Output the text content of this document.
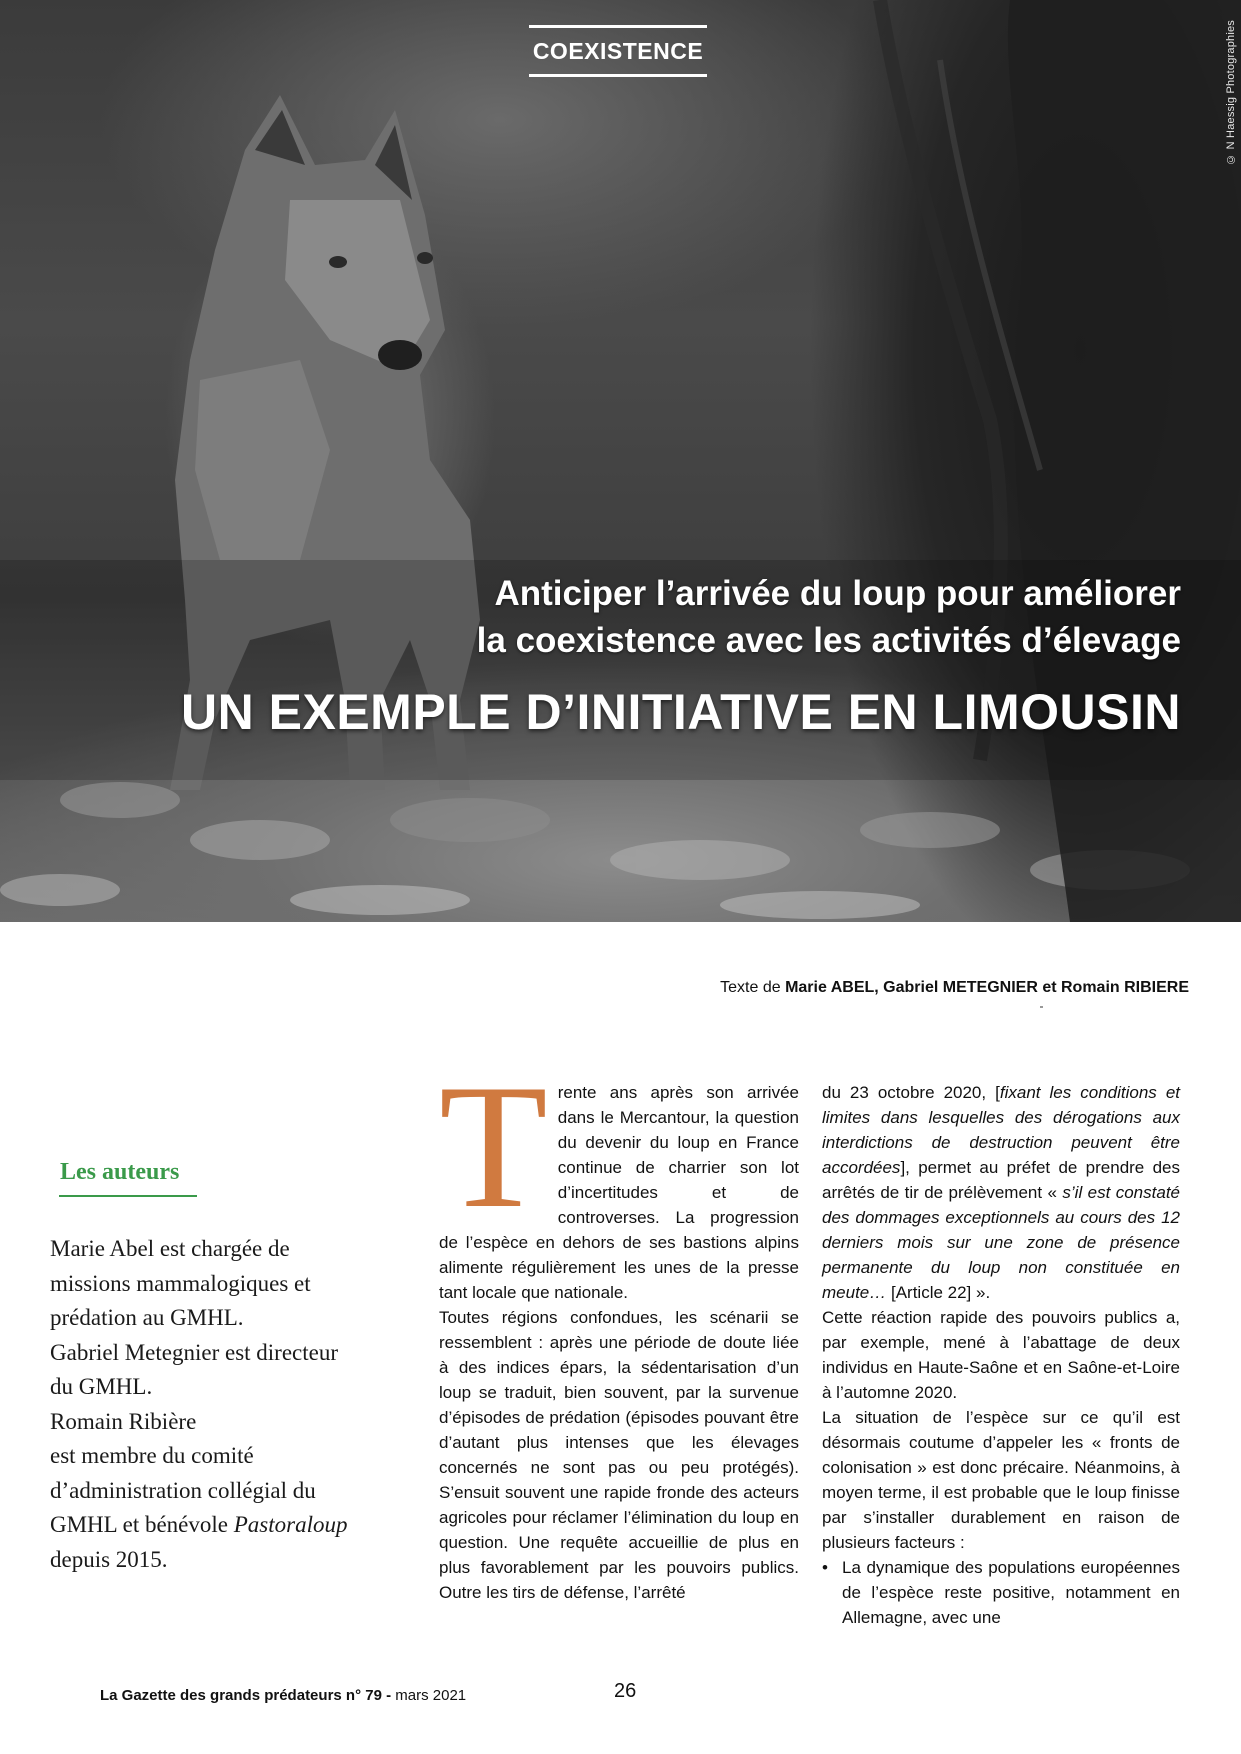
COEXISTENCE	© N Haessig Photographies
Anticiper l’arrivée du loup pour améliorer
la coexistence avec les activités d’élevage
UN EXEMPLE D’INITIATIVE EN LIMOUSIN
Texte de Marie ABEL, Gabriel METEGNIER et Romain RIBIERE
Les auteurs
Marie Abel est chargée de
missions mammalogiques et
prédation au GMHL.
Gabriel Metegnier est directeur
du GMHL.
Romain Ribière
est membre du comité
d’administration collégial du
GMHL et bénévole Pastoraloup
depuis 2015.
T rente ans après son arrivée dans le Mercantour, la question du devenir du loup en France continue de charrier son lot d’incertitudes et de controverses. La progression de l’espèce en dehors de ses bastions alpins alimente régulièrement les unes de la presse tant locale que nationale.

Toutes régions confondues, les scénarii se ressemblent : après une période de doute liée à des indices épars, la sédentarisation d’un loup se traduit, bien souvent, par la survenue d’épisodes de prédation (épisodes pouvant être d’autant plus intenses que les élevages concernés ne sont pas ou peu protégés). S’ensuit souvent une rapide fronde des acteurs agricoles pour réclamer l’élimination du loup en question. Une requête accueillie de plus en plus favorablement par les pouvoirs publics. Outre les tirs de défense, l’arrêté

du 23 octobre 2020, [fixant les conditions et limites dans lesquelles des dérogations aux interdictions de destruction peuvent être accordées], permet au préfet de prendre des arrêtés de tir de prélèvement « s’il est constaté des dommages exceptionnels au cours des 12 derniers mois sur une zone de présence permanente du loup non constituée en meute… [Article 22] ».

Cette réaction rapide des pouvoirs publics a, par exemple, mené à l’abattage de deux individus en Haute-Saône et en Saône-et-Loire à l’automne 2020.

La situation de l’espèce sur ce qu’il est désormais coutume d’appeler les « fronts de colonisation » est donc précaire. Néanmoins, à moyen terme, il est probable que le loup finisse par s’installer durablement en raison de plusieurs facteurs :

• La dynamique des populations européennes de l’espèce reste positive, notamment en Allemagne, avec une
La Gazette des grands prédateurs n° 79 - mars 2021	26
